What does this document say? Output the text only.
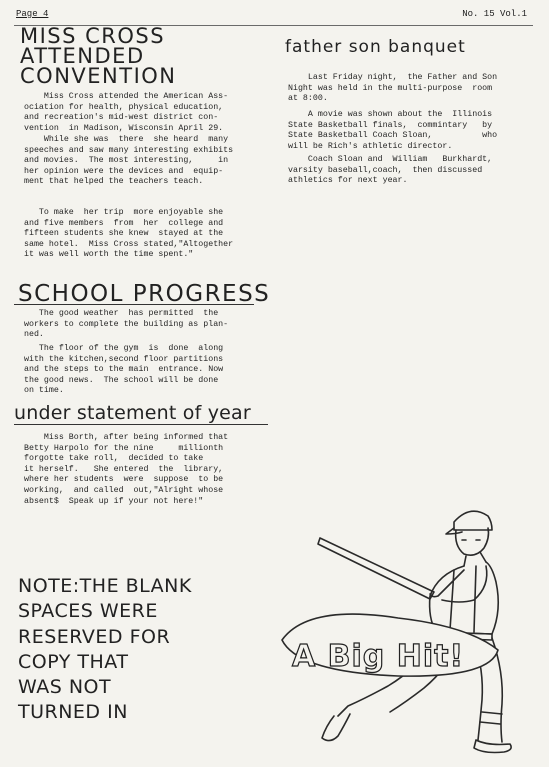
Page 4	No. 15 Vol.1
MISS CROSS
ATTENDED
CONVENTION

Miss Cross attended the American Ass-
ociation for health, physical education,
and recreation's mid-west district con-
vention  in Madison, Wisconsin April 29.

While she was  there  she heard  many
speeches and saw many interesting exhibits
and movies.  The most interesting,     in
her opinion were the devices and  equip-
ment that helped the teachers teach.

To make  her trip  more enjoyable she
and five members  from  her  college and
fifteen students she knew  stayed at the
same hotel.  Miss Cross stated,"Altogether
it was well worth the time spent."

SCHOOL PROGRESS

The good weather  has permitted  the
workers to complete the building as plan-
ned.

The floor of the gym  is  done  along
with the kitchen,second floor partitions
and the steps to the main  entrance. Now
the good news.  The school will be done
on time.

under statement of year

Miss Borth, after being informed that
Betty Harpolo for the nine     millionth
forgotte take roll,  decided to take
it herself.   She entered  the  library,
where her students  were  suppose  to be
working,  and called  out,"Alright whose
absent$  Speak up if your not here!"

father son banquet

Last Friday night,  the Father and Son
Night was held in the multi-purpose  room
at 8:00.

A movie was shown about the  Illinois
State Basketball finals,  commintary   by
State Basketball Coach Sloan,          who
will be Rich's athletic director.

Coach Sloan and  William   Burkhardt,
varsity baseball,coach,  then discussed
athletics for next year.

NOTE:THE BLANK
SPACES WERE
RESERVED FOR
COPY THAT
WAS NOT
TURNED IN

A Big Hit!
